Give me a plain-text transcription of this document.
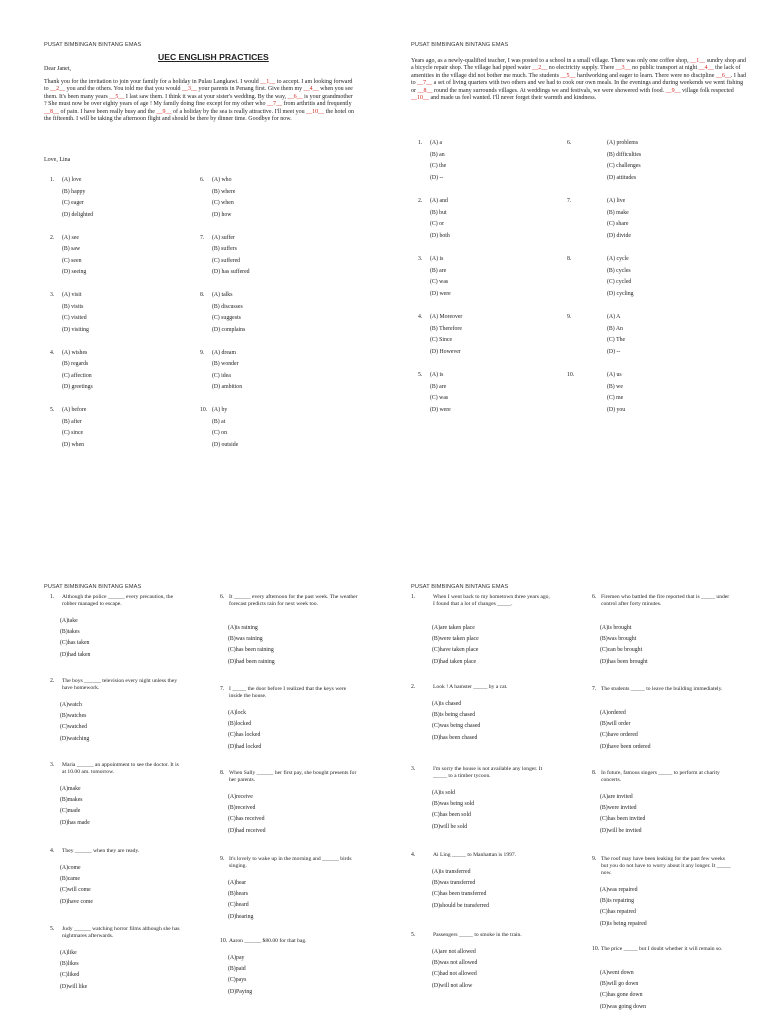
PUSAT BIMBINGAN BINTANG EMAS
UEC ENGLISH PRACTICES
Dear Janet,
Thank you for the invitation to join your family for a holiday in Pulau Langkawi. I would __1__ to accept. I am looking forward to __2__ you and the others. You told me that you would __3__ your parents in Penang first. Give them my __4__ when you see them. It's been many years __5__ I last saw them. I think it was at your sister's wedding. By the way, __6__ is your grandmother ? She must now be over eighty years of age ! My family doing fine except for my other who __7__ from arthritis and frequently __8__ of pain. I have been really busy and the __9__ of a holiday by the sea is really attractive. I'll meet you __10__ the hotel on the fifteenth. I will be taking the afternoon flight and should be there by dinner time. Goodbye for now.
Love, Lina
1. (A) love
(B) happy
(C) eager
(D) delighted
2. (A) see
(B) saw
(C) seen
(D) seeing
3. (A) visit
(B) visits
(C) visited
(D) visiting
4. (A) wishes
(B) regards
(C) affection
(D) greetings
5. (A) before
(B) after
(C) since
(D) when
6. (A) who
(B) where
(C) when
(D) how
7. (A) suffer
(B) suffers
(C) suffered
(D) has suffered
8. (A) talks
(B) discusses
(C) suggests
(D) complains
9. (A) dream
(B) wonder
(C) idea
(D) ambition
10. (A) by
(B) at
(C) on
(D) outside
PUSAT BIMBINGAN BINTANG EMAS
Years ago, as a newly-qualified teacher, I was posted to a school in a small village. There was only one coffee shop, __1__ sundry shop and a bicycle repair shop. The village had piped water __2__ no electricity supply. There __3__ no public transport at night __4__ the lack of amenities in the village did not bother me much. The students __5__ hardworking and eager to learn. There were no discipline __6__. I had to __7__ a set of living quarters with two others and we had to cook our own meals. In the evenings and during weekends we went fishing or __8__ round the many surrounds villages. At weddings we and festivals, we were showered with food. __9__ village folk respected __10__ and made us feel wanted. I'll never forget their warmth and kindness.
1. (A) a
(B) an
(C) the
(D) --
2. (A) and
(B) but
(C) or
(D) both
3. (A) is
(B) are
(C) was
(D) were
4. (A) Moreover
(B) Therefore
(C) Since
(D) However
5. (A) is
(B) are
(C) was
(D) were
6.	(A) problems
(B) difficulties
(C) challenges
(D) attitudes
7.	(A) live
(B) make
(C) share
(D) divide
8.	(A) cycle
(B) cycles
(C) cycled
(D) cycling
9.	(A) A
(B) An
(C) The
(D) --
10.	(A) us
(B) we
(C) me
(D) you
PUSAT BIMBINGAN BINTANG EMAS
1. Although the police ______ every precaution, the robber managed to escape.
(A)take
(B)takes
(C)has taken
(D)had taken
2. The boys ______ television every night unless they have homework.
(A)watch
(B)watches
(C)watched
(D)watching
3. Maria ______ an appointment to see the doctor. It is at 10.00 am. tomorrow.
(A)make
(B)makes
(C)made
(D)has made
4. They ______ when they are ready.
(A)come
(B)came
(C)will come
(D)have come
5. Judy ______ watching horror films although she has nightmares afterwards.
(A)like
(B)likes
(C)liked
(D)will like
6. It ______ every afternoon for the past week. The weather forecast predicts rain for next week too.
(A)is raining
(B)was raining
(C)has been raining
(D)had been raining
7. I _____ the door before I realized that the keys were inside the house.
(A)lock
(B)locked
(C)has locked
(D)had locked
8. When Sally ______ her first pay, she bought presents for her parents.
(A)receive
(B)received
(C)has received
(D)had received
9. It's lovely to wake up in the morning and ______ birds singing.
(A)hear
(B)hears
(C)heard
(D)hearing
10. Aaron ______ $80.00 for that bag.
(A)pay
(B)paid
(C)pays
(D)Paying
PUSAT BIMBINGAN BINTANG EMAS
1.	When I went back to my hometown three years ago, I found that a lot of changes _____.
(A)are taken place
(B)were taken place
(C)have taken place
(D)had taken place
2.	Look ! A hamster _____ by a cat.
(A)is chased
(B)is being chased
(C)was being chased
(D)has been chased
3.	I'm sorry the house is not available any longer. It _____ to a timber tycoon.
(A)is sold
(B)was being sold
(C)has been sold
(D)will be sold
4.	Ai Ling _____ to Manhattan is 1997.
(A)is transferred
(B)was transferred
(C)has been transferred
(D)should be transferred
5.	Passengers _____ to smoke in the train.
(A)are not allowed
(B)was not allowed
(C)had not allowed
(D)will not allow
6. Firemen who battled the fire reported that is _____ under control after forty minutes.
(A)is brought
(B)was brought
(C)can be brought
(D)has been brought
7. The students _____ to leave the building immediately.
(A)ordered
(B)will order
(C)have ordered
(D)have been ordered
8. In future, famous singers _____ to perform at charity concerts.
(A)are invited
(B)were invited
(C)has been invited
(D)will be invited
9. The roof may have been leaking for the past few weeks but you do not have to worry about it any longer. It _____ now.
(A)was repaired
(B)is repairing
(C)has repaired
(D)is being repaired
10. The price _____ but I doubt whether it will remain so.
(A)went down
(B)will go down
(C)has gone down
(D)was going down
